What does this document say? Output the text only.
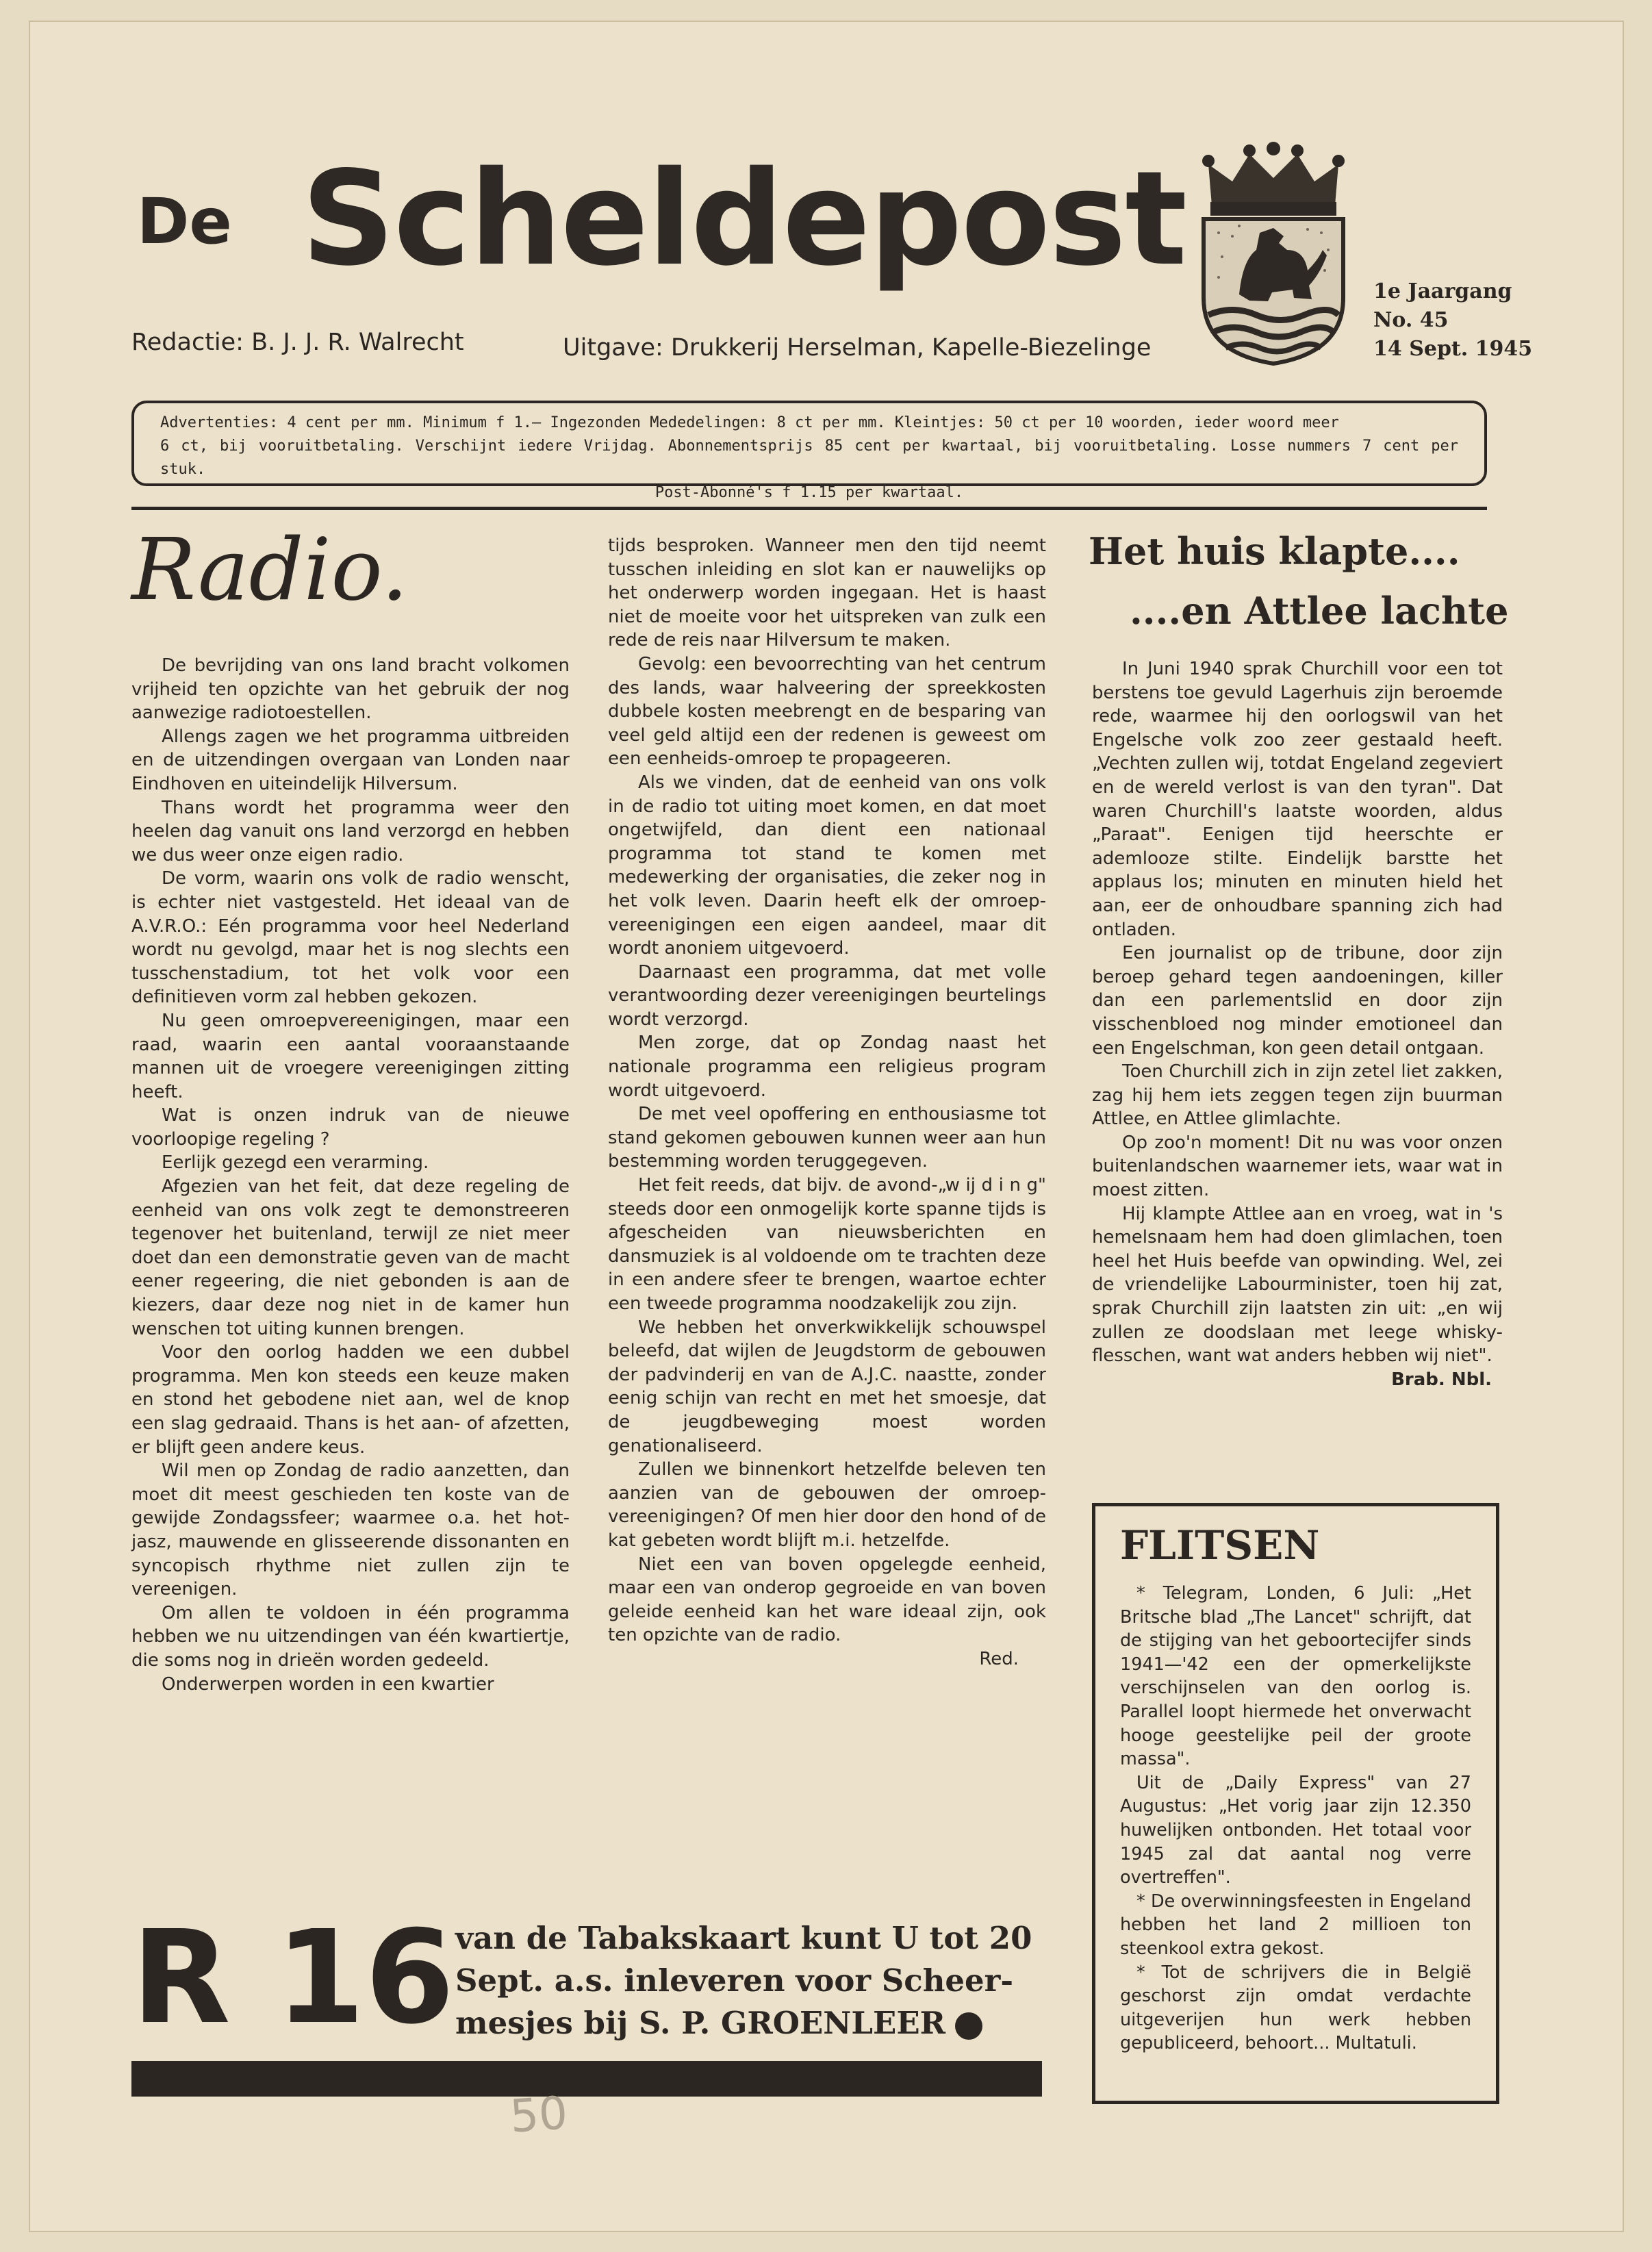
De Scheldepost
Redactie: B. J. J. R. Walrecht	Uitgave: Drukkerij Herselman, Kapelle-Biezelinge
1e Jaargang
No. 45
14 Sept. 1945
Advertenties: 4 cent per mm. Minimum f 1.— Ingezonden Mededelingen: 8 ct per mm. Kleintjes: 50 ct per 10 woorden, ieder woord meer
6 ct, bij vooruitbetaling. Verschijnt iedere Vrijdag. Abonnementsprijs 85 cent per kwartaal, bij vooruitbetaling. Losse nummers 7 cent per stuk.
Post-Abonné's f 1.15 per kwartaal.
Radio.

De bevrijding van ons land bracht volkomen vrijheid ten opzichte van het gebruik der nog aanwezige radiotoestellen.

Allengs zagen we het programma uitbreiden en de uitzendingen overgaan van Londen naar Eindhoven en uiteindelijk Hilversum.

Thans wordt het programma weer den heelen dag vanuit ons land verzorgd en hebben we dus weer onze eigen radio.

De vorm, waarin ons volk de radio wenscht, is echter niet vastgesteld. Het ideaal van de A.V.R.O.: Eén programma voor heel Nederland wordt nu gevolgd, maar het is nog slechts een tusschenstadium, tot het volk voor een definitieven vorm zal hebben gekozen.

Nu geen omroepvereenigingen, maar een raad, waarin een aantal vooraanstaande mannen uit de vroegere vereenigingen zitting heeft.

Wat is onzen indruk van de nieuwe voorloopige regeling ?

Eerlijk gezegd een verarming.

Afgezien van het feit, dat deze regeling de eenheid van ons volk zegt te demonstreeren tegenover het buitenland, terwijl ze niet meer doet dan een demonstratie geven van de macht eener regeering, die niet gebonden is aan de kiezers, daar deze nog niet in de kamer hun wenschen tot uiting kunnen brengen.

Voor den oorlog hadden we een dubbel programma. Men kon steeds een keuze maken en stond het gebodene niet aan, wel de knop een slag gedraaid. Thans is het aan- of afzetten, er blijft geen andere keus.

Wil men op Zondag de radio aanzetten, dan moet dit meest geschieden ten koste van de gewijde Zondagssfeer; waarmee o.a. het hot-jasz, mauwende en glissеerende dissonanten en syncopisch rhythme niet zullen zijn te vereenigen.

Om allen te voldoen in één programma hebben we nu uitzendingen van één kwartiertje, die soms nog in drieën worden gedeeld.

Onderwerpen worden in een kwartier

tijds besproken. Wanneer men den tijd neemt tusschen inleiding en slot kan er nauwelijks op het onderwerp worden ingegaan. Het is haast niet de moeite voor het uitspreken van zulk een rede de reis naar Hilversum te maken.

Gevolg: een bevoorrechting van het centrum des lands, waar halveering der spreekkosten dubbele kosten meebrengt en de besparing van veel geld altijd een der redenen is geweest om een eenheids-omroep te propageeren.

Als we vinden, dat de eenheid van ons volk in de radio tot uiting moet komen, en dat moet ongetwijfeld, dan dient een nationaal programma tot stand te komen met medewerking der organisaties, die zeker nog in het volk leven. Daarin heeft elk der omroep-vereenigingen een eigen aandeel, maar dit wordt anoniem uitgevoerd.

Daarnaast een programma, dat met volle verantwoording dezer vereenigingen beurtelings wordt verzorgd.

Men zorge, dat op Zondag naast het nationale programma een religieus program wordt uitgevoerd.

De met veel opoffering en enthousiasme tot stand gekomen gebouwen kunnen weer aan hun bestemming worden teruggegeven.

Het feit reeds, dat bijv. de avond-„w ij d i n g" steeds door een onmogelijk korte spanne tijds is afgescheiden van nieuwsberichten en dansmuziek is al voldoende om te trachten deze in een andere sfeer te brengen, waartoe echter een tweede programma noodzakelijk zou zijn.

We hebben het onverkwikkelijk schouwspel beleefd, dat wijlen de Jeugdstorm de gebouwen der padvinderij en van de A.J.C. naastte, zonder eenig schijn van recht en met het smoesje, dat de jeugdbeweging moest worden genationaliseerd.

Zullen we binnenkort hetzelfde beleven ten aanzien van de gebouwen der omroep-vereenigingen? Of men hier door den hond of de kat gebeten wordt blijft m.i. hetzelfde.

Niet een van boven opgelegde eenheid, maar een van onderop gegroeide en van boven geleide eenheid kan het ware ideaal zijn, ook ten opzichte van de radio.

Red.
Het huis klapte....
....en Attlee lachte

In Juni 1940 sprak Churchill voor een tot berstens toe gevuld Lagerhuis zijn beroemde rede, waarmee hij den oorlogswil van het Engelsche volk zoo zeer gestaald heeft. „Vechten zullen wij, totdat Engeland zegeviert en de wereld verlost is van den tyran". Dat waren Churchill's laatste woorden, aldus „Paraat". Eenigen tijd heerschte er ademlooze stilte. Eindelijk barstte het applaus los; minuten en minuten hield het aan, eer de onhoudbare spanning zich had ontladen.

Een journalist op de tribune, door zijn beroep gehard tegen aandoeningen, killer dan een parlementslid en door zijn visschenbloed nog minder emotioneel dan een Engelschman, kon geen detail ontgaan.

Toen Churchill zich in zijn zetel liet zakken, zag hij hem iets zeggen tegen zijn buurman Attlee, en Attlee glimlachte.

Op zoo'n moment! Dit nu was voor onzen buitenlandschen waarnemer iets, waar wat in moest zitten.

Hij klampte Attlee aan en vroeg, wat in 's hemelsnaam hem had doen glimlachen, toen heel het Huis beefde van opwinding. Wel, zei de vriendelijke Labourminister, toen hij zat, sprak Churchill zijn laatsten zin uit: „en wij zullen ze doodslaan met leege whisky-flesschen, want wat anders hebben wij niet".

Brab. Nbl.
FLITSEN

* Telegram, Londen, 6 Juli: „Het Britsche blad „The Lancet" schrijft, dat de stijging van het geboortecijfer sinds 1941—'42 een der opmerkelijkste verschijnselen van den oorlog is. Parallel loopt hiermede het onverwacht hooge geestelijke peil der groote massa".

Uit de „Daily Express" van 27 Augustus: „Het vorig jaar zijn 12.350 huwelijken ontbonden. Het totaal voor 1945 zal dat aantal nog verre overtreffen".

* De overwinningsfeesten in Engeland hebben het land 2 millioen ton steenkool extra gekost.

* Tot de schrijvers die in België geschorst zijn omdat verdachte uitgeverijen hun werk hebben gepubliceerd, behoort... Multatuli.

R 16 van de Tabakskaart kunt U tot 20
Sept. a.s. inleveren voor Scheer-
mesjes bij S. P. GROENLEER
50
